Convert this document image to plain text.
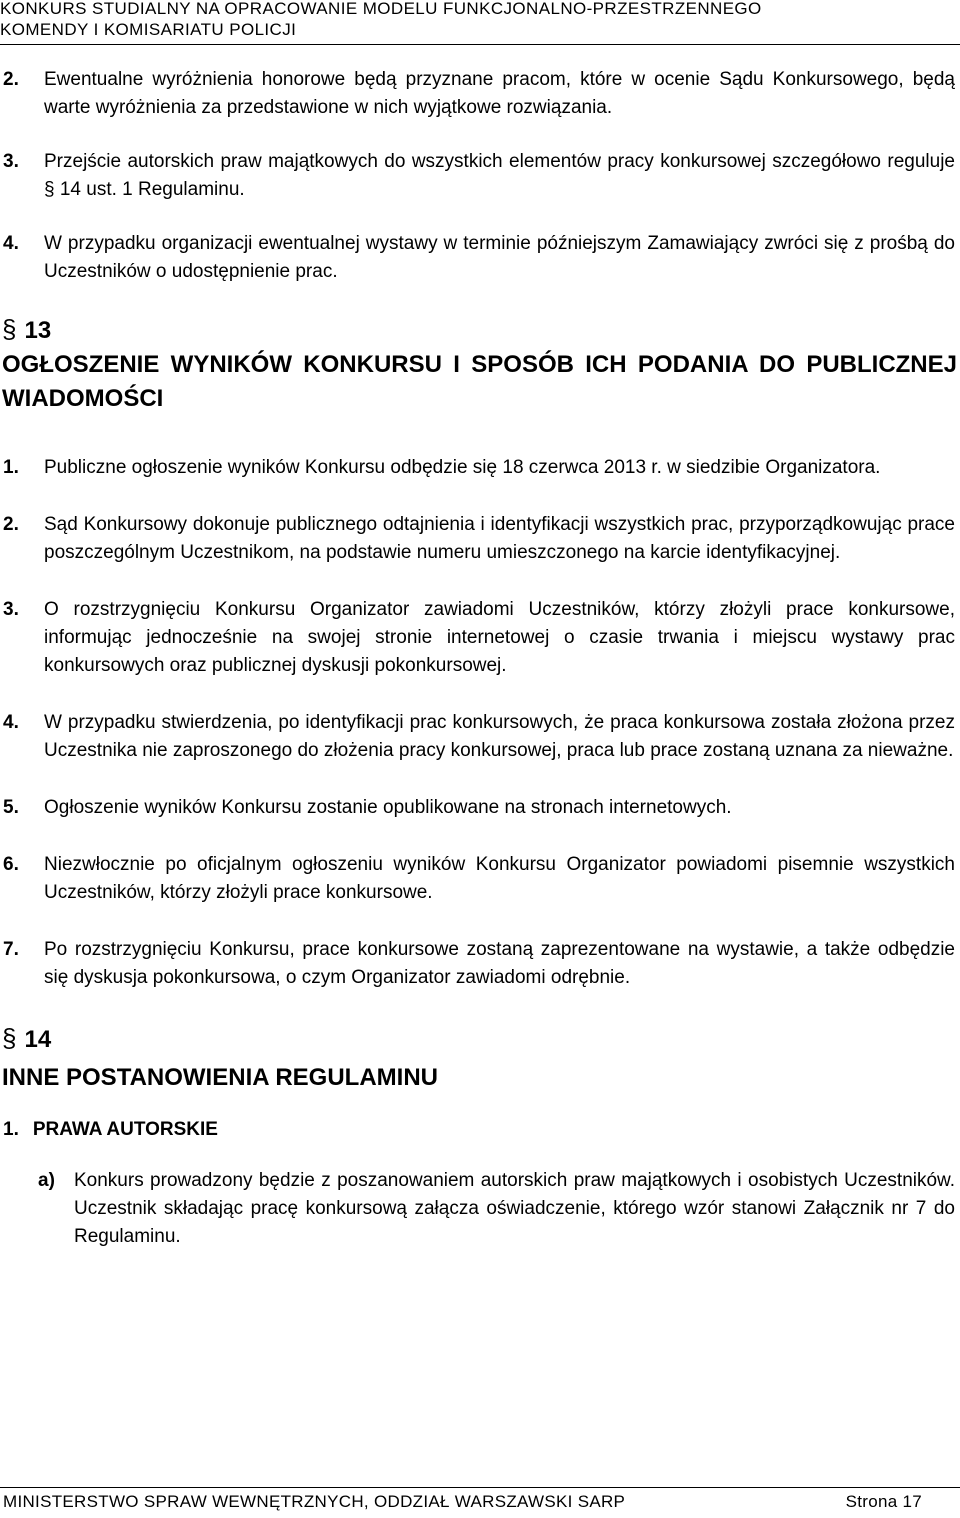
KONKURS STUDIALNY NA OPRACOWANIE MODELU FUNKCJONALNO-PRZESTRZENNEGO
KOMENDY I KOMISARIATU POLICJI
2. Ewentualne wyróżnienia honorowe będą przyznane pracom, które w ocenie Sądu Konkursowego, będą warte wyróżnienia za przedstawione w nich wyjątkowe rozwiązania.
3. Przejście autorskich praw majątkowych do wszystkich elementów pracy konkursowej szczegółowo reguluje § 14 ust. 1 Regulaminu.
4. W przypadku organizacji ewentualnej wystawy w terminie późniejszym Zamawiający zwróci się z prośbą do Uczestników o udostępnienie prac.
§ 13
OGŁOSZENIE WYNIKÓW KONKURSU I SPOSÓB ICH PODANIA DO PUBLICZNEJ WIADOMOŚCI
1. Publiczne ogłoszenie wyników Konkursu odbędzie się 18 czerwca 2013 r. w siedzibie Organizatora.
2. Sąd Konkursowy dokonuje publicznego odtajnienia i identyfikacji wszystkich prac, przyporządkowując prace poszczególnym Uczestnikom, na podstawie numeru umieszczonego na karcie identyfikacyjnej.
3. O rozstrzygnięciu Konkursu Organizator zawiadomi Uczestników, którzy złożyli prace konkursowe, informując jednocześnie na swojej stronie internetowej o czasie trwania i miejscu wystawy prac konkursowych oraz publicznej dyskusji pokonkursowej.
4. W przypadku stwierdzenia, po identyfikacji prac konkursowych, że praca konkursowa została złożona przez Uczestnika nie zaproszonego do złożenia pracy konkursowej, praca lub prace zostaną uznana za nieważne.
5. Ogłoszenie wyników Konkursu zostanie opublikowane na stronach internetowych.
6. Niezwłocznie po oficjalnym ogłoszeniu wyników Konkursu Organizator powiadomi pisemnie wszystkich Uczestników, którzy złożyli prace konkursowe.
7. Po rozstrzygnięciu Konkursu, prace konkursowe zostaną zaprezentowane na wystawie, a także odbędzie się dyskusja pokonkursowa, o czym Organizator zawiadomi odrębnie.
§ 14
INNE POSTANOWIENIA REGULAMINU
1. PRAWA AUTORSKIE
a) Konkurs prowadzony będzie z poszanowaniem autorskich praw majątkowych i osobistych Uczestników. Uczestnik składając pracę konkursową załącza oświadczenie, którego wzór stanowi Załącznik nr 7 do Regulaminu.
MINISTERSTWO SPRAW WEWNĘTRZNYCH, ODDZIAŁ WARSZAWSKI SARP	Strona 17
